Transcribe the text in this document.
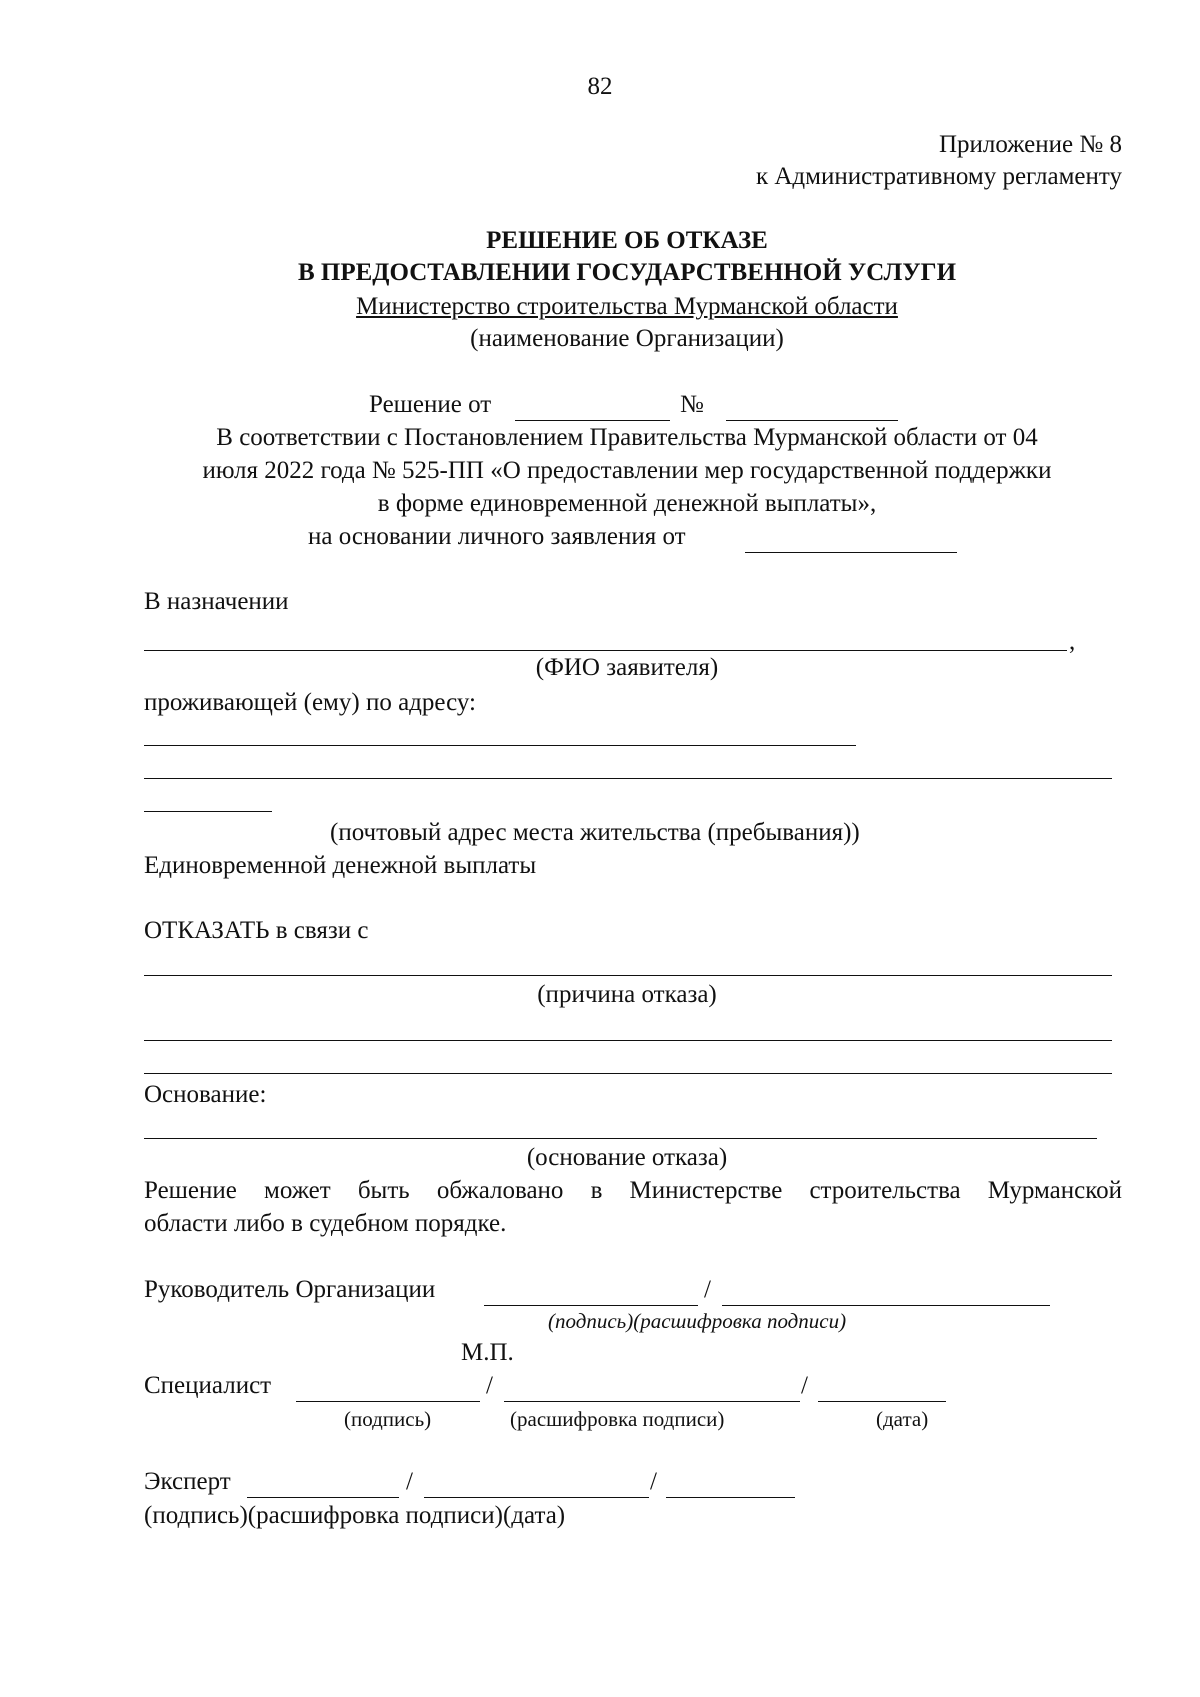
82
Приложение № 8
к Административному регламенту
РЕШЕНИЕ ОБ ОТКАЗЕ
В ПРЕДОСТАВЛЕНИИ ГОСУДАРСТВЕННОЙ УСЛУГИ
Министерство строительства Мурманской области
(наименование Организации)
Решение от	№
В соответствии с Постановлением Правительства Мурманской области от 04
июля 2022 года № 525-ПП «О предоставлении мер государственной поддержки
в форме единовременной денежной выплаты»,
на основании личного заявления от
В назначении
,
(ФИО заявителя)
проживающей (ему) по адресу:
(почтовый адрес места жительства (пребывания))
Единовременной денежной выплаты
ОТКАЗАТЬ в связи с
(причина отказа)
Основание:
(основание отказа)
Решение может быть обжаловано в Министерстве строительства Мурманской
области либо в судебном порядке.
Руководитель Организации	/
(подпись)(расшифровка подписи)
М.П.
Специалист	/	/
(подпись)	(расшифровка подписи)	(дата)
Эксперт	/	/
(подпись)(расшифровка подписи)(дата)
